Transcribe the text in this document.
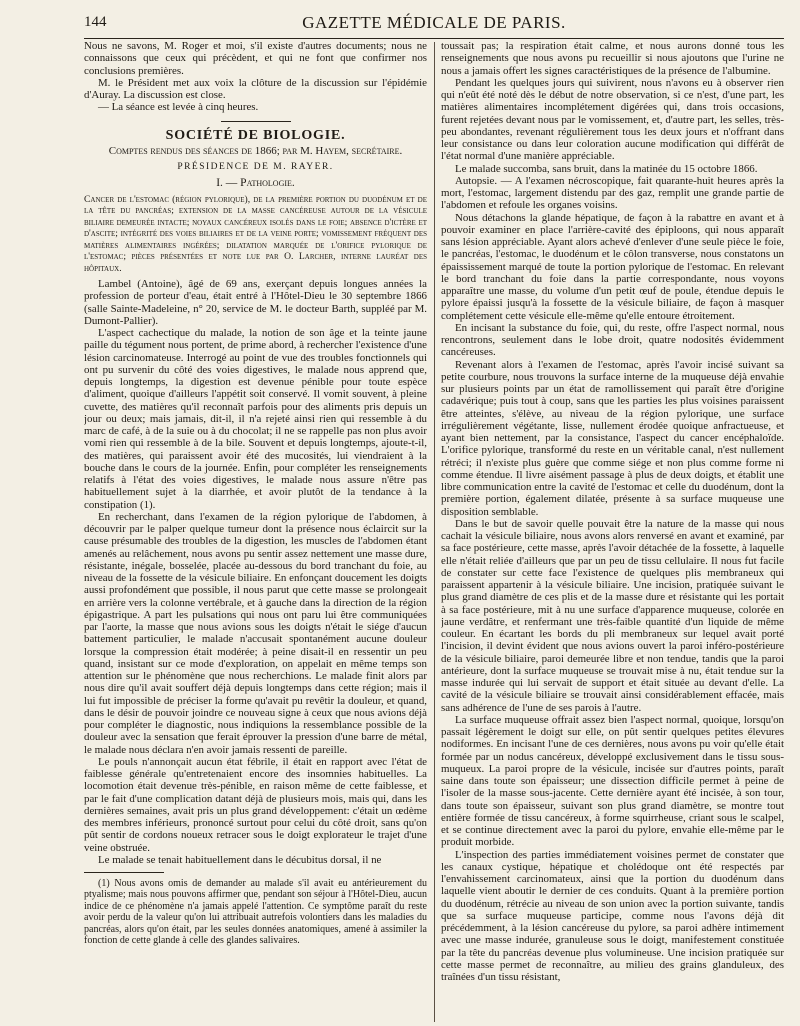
144	GAZETTE MÉDICALE DE PARIS.

Nous ne savons, M. Roger et moi, s'il existe d'autres documents; nous ne connaissons que ceux qui précèdent, et qui ne font que confirmer nos conclusions premières.

M. le Président met aux voix la clôture de la discussion sur l'épidémie d'Auray. La discussion est close.

— La séance est levée à cinq heures.

SOCIÉTÉ DE BIOLOGIE.
Comptes rendus des séances de 1866; par M. Hayem, secrétaire.
PRÉSIDENCE DE M. RAYER.
I. — Pathologie.
Cancer de l'estomac (région pylorique), de la première portion du duodénum et de la tête du pancréas; extension de la masse cancéreuse autour de la vésicule biliaire demeurée intacte; noyaux cancéreux isolés dans le foie; absence d'ictère et d'ascite; intégrité des voies biliaires et de la veine porte; vomissement fréquent des matières alimentaires ingérées; dilatation marquée de l'orifice pylorique de l'estomac; pièces présentées et note lue par O. Larcher, interne lauréat des hôpitaux.

Lambel (Antoine), âgé de 69 ans, exerçant depuis longues années la profession de porteur d'eau, était entré à l'Hôtel-Dieu le 30 septembre 1866 (salle Sainte-Madeleine, n° 20, service de M. le docteur Barth, suppléé par M. Dumont-Pallier).

L'aspect cachectique du malade, la notion de son âge et la teinte jaune paille du tégument nous portent, de prime abord, à rechercher l'existence d'une lésion carcinomateuse. Interrogé au point de vue des troubles fonctionnels qui ont pu survenir du côté des voies digestives, le malade nous apprend que, depuis longtemps, la digestion est devenue pénible pour toute espèce d'aliment, quoique d'ailleurs l'appétit soit conservé. Il vomit souvent, à pleine cuvette, des matières qu'il reconnaît parfois pour des aliments pris depuis un jour ou deux; mais jamais, dit-il, il n'a rejeté ainsi rien qui ressemble à du marc de café, à de la suie ou à du chocolat; il ne se rappelle pas non plus avoir vomi rien qui ressemble à de la bile. Souvent et depuis longtemps, ajoute-t-il, des matières, qui paraissent avoir été des mucosités, lui viendraient à la bouche dans le cours de la journée. Enfin, pour compléter les renseignements relatifs à l'état des voies digestives, le malade nous assure n'être pas habituellement sujet à la diarrhée, et avoir plutôt de la tendance à la constipation (1).

En recherchant, dans l'examen de la région pylorique de l'abdomen, à découvrir par le palper quelque tumeur dont la présence nous éclaircit sur la cause présumable des troubles de la digestion, les muscles de l'abdomen étant amenés au relâchement, nous avons pu sentir assez nettement une masse dure, résistante, inégale, bosselée, placée au-dessous du bord tranchant du foie, au niveau de la fossette de la vésicule biliaire. En enfonçant doucement les doigts aussi profondément que possible, il nous parut que cette masse se prolongeait en arrière vers la colonne vertébrale, et à gauche dans la direction de la région épigastrique. A part les pulsations qui nous ont paru lui être communiquées par l'aorte, la masse que nous avions sous les doigts n'était le siége d'aucun battement particulier, le malade n'accusait spontanément aucune douleur lorsque la compression était modérée; à peine disait-il en ressentir un peu quand, insistant sur ce mode d'exploration, on appelait en même temps son attention sur le phénomène que nous recherchions. Le malade finit alors par nous dire qu'il avait souffert déjà depuis longtemps dans cette région; mais il lui fut impossible de préciser la forme qu'avait pu revêtir la douleur, et quand, dans le désir de pouvoir joindre ce nouveau signe à ceux que nous avions déjà pour compléter le diagnostic, nous indiquions la ressemblance possible de la douleur avec la sensation que ferait éprouver la pression d'une barre de métal, le malade nous déclara n'en avoir jamais ressenti de pareille.

Le pouls n'annonçait aucun état fébrile, il était en rapport avec l'état de faiblesse générale qu'entretenaient encore des insomnies habituelles. La locomotion était devenue très-pénible, en raison même de cette faiblesse, et par le fait d'une complication datant déjà de plusieurs mois, mais qui, dans les dernières semaines, avait pris un plus grand développement: c'était un œdème des membres inférieurs, prononcé surtout pour celui du côté droit, sans qu'on pût sentir de cordons noueux retracer sous le doigt explorateur le trajet d'une veine obstruée.

Le malade se tenait habituellement dans le décubitus dorsal, il ne

(1) Nous avons omis de demander au malade s'il avait eu antérieurement du ptyalisme; mais nous pouvons affirmer que, pendant son séjour à l'Hôtel-Dieu, aucun indice de ce phénomène n'a jamais appelé l'attention. Ce symptôme paraît du reste avoir perdu de la valeur qu'on lui attribuait autrefois volontiers dans les maladies du pancréas, alors qu'on était, par les seules données anatomiques, amené à assimiler la fonction de cette glande à celle des glandes salivaires.

toussait pas; la respiration était calme, et nous aurons donné tous les renseignements que nous avons pu recueillir si nous ajoutons que l'urine ne nous a jamais offert les signes caractéristiques de la présence de l'albumine.

Pendant les quelques jours qui suivirent, nous n'avons eu à observer rien qui n'eût été noté dès le début de notre observation, si ce n'est, d'une part, les matières alimentaires incomplétement digérées qui, dans trois occasions, furent rejetées devant nous par le vomissement, et, d'autre part, les selles, très-peu abondantes, revenant régulièrement tous les deux jours et n'offrant dans leur consistance ou dans leur coloration aucune modification qui différât de l'état normal d'une manière appréciable.

Le malade succomba, sans bruit, dans la matinée du 15 octobre 1866.

Autopsie. — A l'examen nécroscopique, fait quarante-huit heures après la mort, l'estomac, largement distendu par des gaz, remplit une grande partie de l'abdomen et refoule les organes voisins.

Nous détachons la glande hépatique, de façon à la rabattre en avant et à pouvoir examiner en place l'arrière-cavité des épiploons, qui nous apparaît sans lésion appréciable. Ayant alors achevé d'enlever d'une seule pièce le foie, le pancréas, l'estomac, le duodénum et le côlon transverse, nous constatons un épaississement marqué de toute la portion pylorique de l'estomac. En relevant le bord tranchant du foie dans la partie correspondante, nous voyons apparaître une masse, du volume d'un petit œuf de poule, étendue depuis le pylore épaissi jusqu'à la fossette de la vésicule biliaire, de façon à masquer complétement cette vésicule elle-même qu'elle entoure étroitement.

En incisant la substance du foie, qui, du reste, offre l'aspect normal, nous rencontrons, seulement dans le lobe droit, quatre nodosités évidemment cancéreuses.

Revenant alors à l'examen de l'estomac, après l'avoir incisé suivant sa petite courbure, nous trouvons la surface interne de la muqueuse déjà envahie sur plusieurs points par un état de ramollissement qui paraît être d'origine cadavérique; puis tout à coup, sans que les parties les plus voisines paraissent être atteintes, s'élève, au niveau de la région pylorique, une surface irrégulièrement végétante, lisse, nullement érodée quoique anfractueuse, et ayant bien nettement, par la consistance, l'aspect du cancer encéphaloïde. L'orifice pylorique, transformé du reste en un véritable canal, n'est nullement rétréci; il n'existe plus guère que comme siége et non plus comme forme ni comme étendue. Il livre aisément passage à plus de deux doigts, et établit une libre communication entre la cavité de l'estomac et celle du duodénum, dont la première portion, également dilatée, présente à sa surface muqueuse une disposition semblable.

Dans le but de savoir quelle pouvait être la nature de la masse qui nous cachait la vésicule biliaire, nous avons alors renversé en avant et examiné, par sa face postérieure, cette masse, après l'avoir détachée de la fossette, à laquelle elle n'était reliée d'ailleurs que par un peu de tissu cellulaire. Il nous fut facile de constater sur cette face l'existence de quelques plis membraneux qui paraissent appartenir à la vésicule biliaire. Une incision, pratiquée suivant le plus grand diamètre de ces plis et de la masse dure et résistante qui les portait à sa face postérieure, mit à nu une surface d'apparence muqueuse, colorée en jaune verdâtre, et renfermant une très-faible quantité d'un liquide de même couleur. En écartant les bords du pli membraneux sur lequel avait porté l'incision, il devint évident que nous avions ouvert la paroi inféro-postérieure de la vésicule biliaire, paroi demeurée libre et non tendue, tandis que la paroi antérieure, dont la surface muqueuse se trouvait mise à nu, était tendue sur la masse indurée qui lui servait de support et était située au devant d'elle. La cavité de la vésicule biliaire se trouvait ainsi considérablement effacée, mais sans adhérence de l'une de ses parois à l'autre.

La surface muqueuse offrait assez bien l'aspect normal, quoique, lorsqu'on passait légèrement le doigt sur elle, on pût sentir quelques petites élevures nodiformes. En incisant l'une de ces dernières, nous avons pu voir qu'elle était formée par un nodus cancéreux, développé exclusivement dans le tissu sous-muqueux. La paroi propre de la vésicule, incisée sur d'autres points, paraît saine dans toute son épaisseur; une dissection difficile permet à peine de l'isoler de la masse sous-jacente. Cette dernière ayant été incisée, à son tour, dans toute son épaisseur, suivant son plus grand diamètre, se montre tout entière formée de tissu cancéreux, à forme squirrheuse, criant sous le scalpel, et se continue directement avec la paroi du pylore, envahie elle-même par le produit morbide.

L'inspection des parties immédiatement voisines permet de constater que les canaux cystique, hépatique et cholédoque ont été respectés par l'envahissement carcinomateux, ainsi que la portion du duodénum dans laquelle vient aboutir le dernier de ces conduits. Quant à la première portion du duodénum, rétrécie au niveau de son union avec la portion suivante, tandis que sa surface muqueuse participe, comme nous l'avons déjà dit précédemment, à la lésion cancéreuse du pylore, sa paroi adhère intimement avec une masse indurée, granuleuse sous le doigt, manifestement constituée par la tête du pancréas devenue plus volumineuse. Une incision pratiquée sur cette masse permet de reconnaître, au milieu des grains glanduleux, des traînées d'un tissu résistant,
